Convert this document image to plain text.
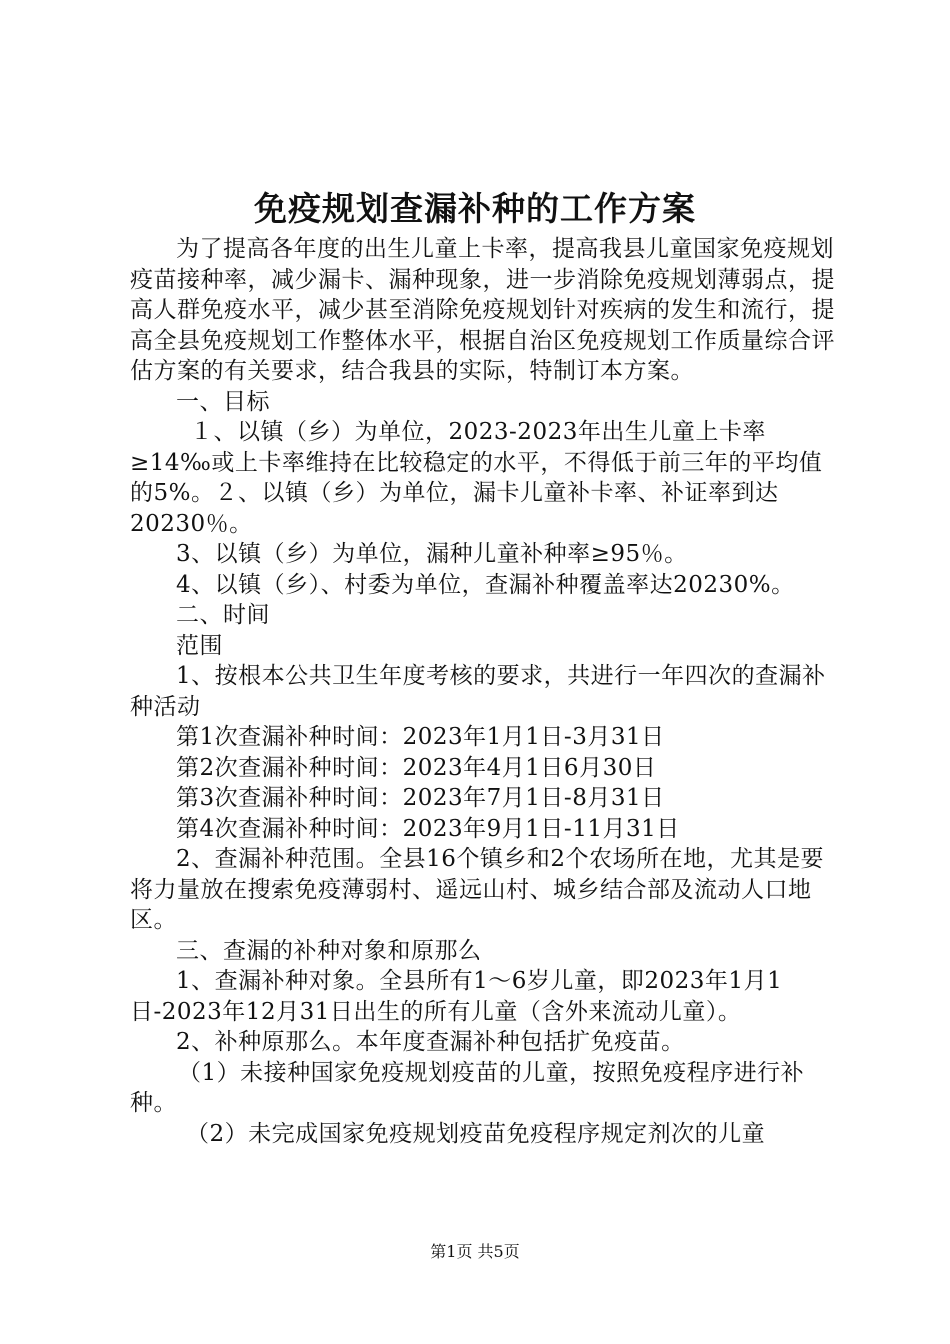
免疫规划查漏补种的工作方案

为了提高各年度的出生儿童上卡率，提高我县儿童国家免疫规划疫苗接种率，减少漏卡、漏种现象，进一步消除免疫规划薄弱点，提高人群免疫水平，减少甚至消除免疫规划针对疾病的发生和流行，提高全县免疫规划工作整体水平，根据自治区免疫规划工作质量综合评估方案的有关要求，结合我县的实际，特制订本方案。

一、目标

１、以镇（乡）为单位，2023-2023年出生儿童上卡率≥14‰或上卡率维持在比较稳定的水平，不得低于前三年的平均值的5%。２、以镇（乡）为单位，漏卡儿童补卡率、补证率到达20230％。

3、以镇（乡）为单位，漏种儿童补种率≥95％。

4、以镇（乡）、村委为单位，查漏补种覆盖率达20230%。

二、时间

范围

1、按根本公共卫生年度考核的要求，共进行一年四次的查漏补种活动

第1次查漏补种时间：2023年1月1日-3月31日

第2次查漏补种时间：2023年4月1日6月30日

第3次查漏补种时间：2023年7月1日-8月31日

第4次查漏补种时间：2023年9月1日-11月31日

2、查漏补种范围。全县16个镇乡和2个农场所在地，尤其是要将力量放在搜索免疫薄弱村、遥远山村、城乡结合部及流动人口地区。

三、查漏的补种对象和原那么

1、查漏补种对象。全县所有1～6岁儿童，即2023年1月1日-2023年12月31日出生的所有儿童（含外来流动儿童）。

2、补种原那么。本年度查漏补种包括扩免疫苗。

（1）未接种国家免疫规划疫苗的儿童，按照免疫程序进行补种。

（2）未完成国家免疫规划疫苗免疫程序规定剂次的儿童

第1页 共5页
